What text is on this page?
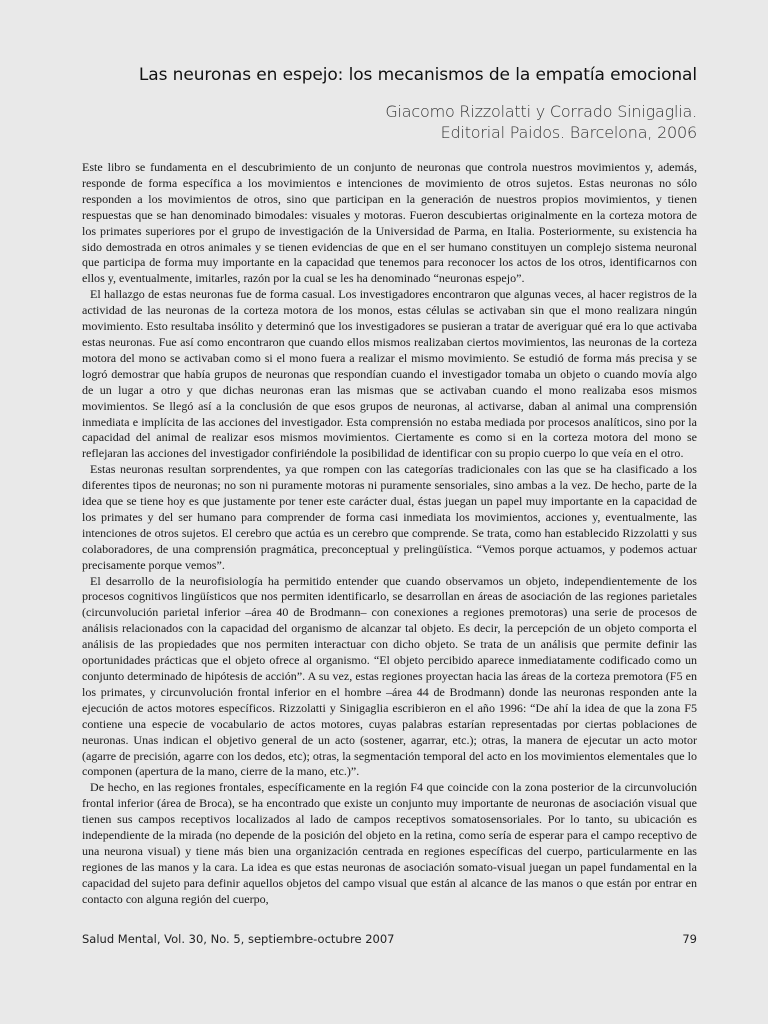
Las neuronas en espejo: los mecanismos de la empatía emocional
Giacomo Rizzolatti y Corrado Sinigaglia.
Editorial Paidos. Barcelona, 2006

Este libro se fundamenta en el descubrimiento de un conjunto de neuronas que controla nuestros movimientos y, además, responde de forma específica a los movimientos e intenciones de movimiento de otros sujetos. Estas neuronas no sólo responden a los movimientos de otros, sino que participan en la generación de nuestros propios movimientos, y tienen respuestas que se han denominado bimodales: visuales y motoras. Fueron descubiertas originalmente en la corteza motora de los primates superiores por el grupo de investigación de la Universidad de Parma, en Italia. Posteriormente, su existencia ha sido demostrada en otros animales y se tienen evidencias de que en el ser humano constituyen un complejo sistema neuronal que participa de forma muy importante en la capacidad que tenemos para reconocer los actos de los otros, identificarnos con ellos y, eventualmente, imitarles, razón por la cual se les ha denominado “neuronas espejo”.

El hallazgo de estas neuronas fue de forma casual. Los investigadores encontraron que algunas veces, al hacer registros de la actividad de las neuronas de la corteza motora de los monos, estas células se activaban sin que el mono realizara ningún movimiento. Esto resultaba insólito y determinó que los investigadores se pusieran a tratar de averiguar qué era lo que activaba estas neuronas. Fue así como encontraron que cuando ellos mismos realizaban ciertos movimientos, las neuronas de la corteza motora del mono se activaban como si el mono fuera a realizar el mismo movimiento. Se estudió de forma más precisa y se logró demostrar que había grupos de neuronas que respondían cuando el investigador tomaba un objeto o cuando movía algo de un lugar a otro y que dichas neuronas eran las mismas que se activaban cuando el mono realizaba esos mismos movimientos. Se llegó así a la conclusión de que esos grupos de neuronas, al activarse, daban al animal una comprensión inmediata e implícita de las acciones del investigador. Esta comprensión no estaba mediada por procesos analíticos, sino por la capacidad del animal de realizar esos mismos movimientos. Ciertamente es como si en la corteza motora del mono se reflejaran las acciones del investigador confiriéndole la posibilidad de identificar con su propio cuerpo lo que veía en el otro.

Estas neuronas resultan sorprendentes, ya que rompen con las categorías tradicionales con las que se ha clasificado a los diferentes tipos de neuronas; no son ni puramente motoras ni puramente sensoriales, sino ambas a la vez. De hecho, parte de la idea que se tiene hoy es que justamente por tener este carácter dual, éstas juegan un papel muy importante en la capacidad de los primates y del ser humano para comprender de forma casi inmediata los movimientos, acciones y, eventualmente, las intenciones de otros sujetos. El cerebro que actúa es un cerebro que comprende. Se trata, como han establecido Rizzolatti y sus colaboradores, de una comprensión pragmática, preconceptual y prelingüística. “Vemos porque actuamos, y podemos actuar precisamente porque vemos”.

El desarrollo de la neurofisiología ha permitido entender que cuando observamos un objeto, independientemente de los procesos cognitivos lingüísticos que nos permiten identificarlo, se desarrollan en áreas de asociación de las regiones parietales (circunvolución parietal inferior –área 40 de Brodmann– con conexiones a regiones premotoras) una serie de procesos de análisis relacionados con la capacidad del organismo de alcanzar tal objeto. Es decir, la percepción de un objeto comporta el análisis de las propiedades que nos permiten interactuar con dicho objeto. Se trata de un análisis que permite definir las oportunidades prácticas que el objeto ofrece al organismo. “El objeto percibido aparece inmediatamente codificado como un conjunto determinado de hipótesis de acción”. A su vez, estas regiones proyectan hacia las áreas de la corteza premotora (F5 en los primates, y circunvolución frontal inferior en el hombre –área 44 de Brodmann) donde las neuronas responden ante la ejecución de actos motores específicos. Rizzolatti y Sinigaglia escribieron en el año 1996: “De ahí la idea de que la zona F5 contiene una especie de vocabulario de actos motores, cuyas palabras estarían representadas por ciertas poblaciones de neuronas. Unas indican el objetivo general de un acto (sostener, agarrar, etc.); otras, la manera de ejecutar un acto motor (agarre de precisión, agarre con los dedos, etc); otras, la segmentación temporal del acto en los movimientos elementales que lo componen (apertura de la mano, cierre de la mano, etc.)”.

De hecho, en las regiones frontales, específicamente en la región F4 que coincide con la zona posterior de la circunvolución frontal inferior (área de Broca), se ha encontrado que existe un conjunto muy importante de neuronas de asociación visual que tienen sus campos receptivos localizados al lado de campos receptivos somatosensoriales. Por lo tanto, su ubicación es independiente de la mirada (no depende de la posición del objeto en la retina, como sería de esperar para el campo receptivo de una neurona visual) y tiene más bien una organización centrada en regiones específicas del cuerpo, particularmente en las regiones de las manos y la cara. La idea es que estas neuronas de asociación somato-visual juegan un papel fundamental en la capacidad del sujeto para definir aquellos objetos del campo visual que están al alcance de las manos o que están por entrar en contacto con alguna región del cuerpo,

Salud Mental, Vol. 30, No. 5, septiembre-octubre 2007	79
